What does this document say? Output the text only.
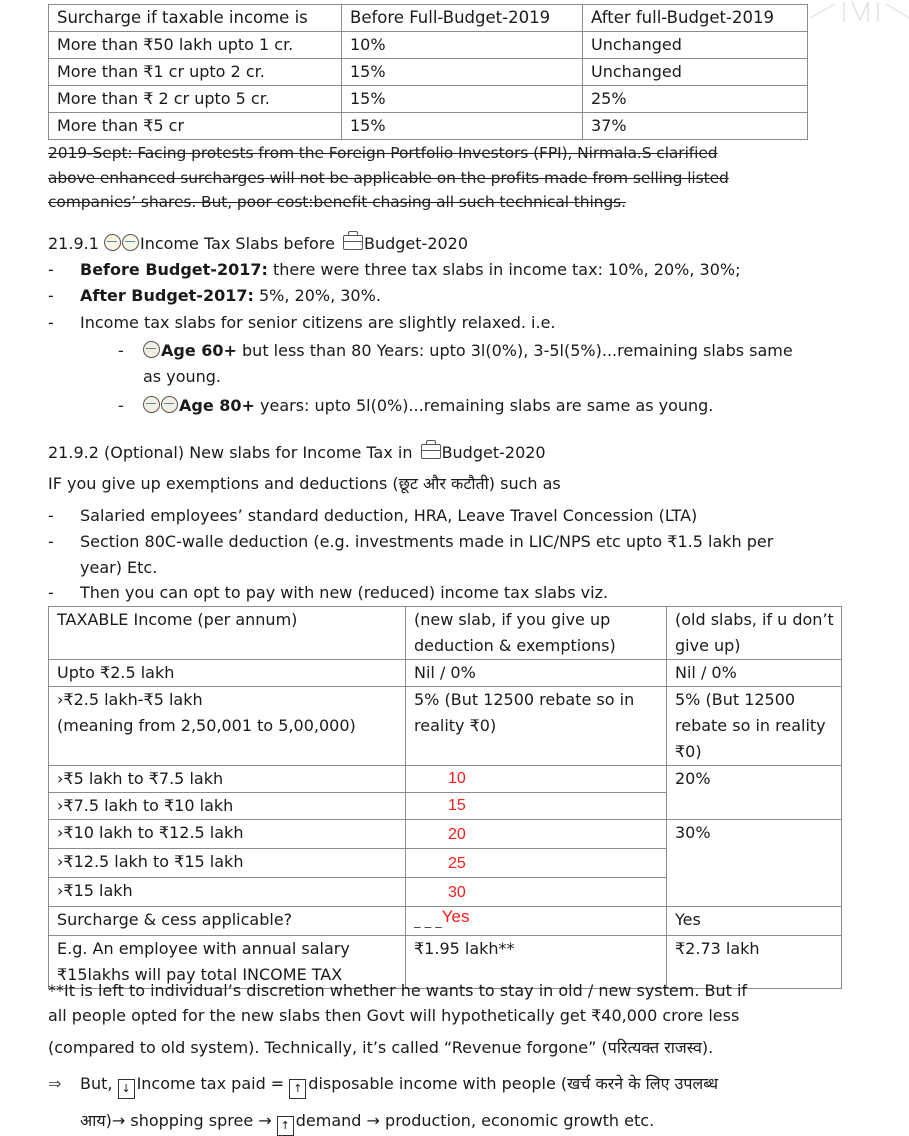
Surcharge if taxable income is	Before Full-Budget-2019	After full-Budget-2019
More than ₹50 lakh upto 1 cr.	10%	Unchanged
More than ₹1 cr upto 2 cr.	15%	Unchanged
More than ₹ 2 cr upto 5 cr.	15%	25%
More than ₹5 cr	15%	37%
2019-Sept: Facing protests from the Foreign Portfolio Investors (FPI), Nirmala.S clarified
above enhanced surcharges will not be applicable on the profits made from selling listed
companies’ shares. But, poor cost:benefit chasing all such technical things.
21.9.1	Income Tax Slabs before Budget-2020
- Before Budget-2017: there were three tax slabs in income tax: 10%, 20%, 30%;
- After Budget-2017: 5%, 20%, 30%.
- Income tax slabs for senior citizens are slightly relaxed. i.e.
-	Age 60+ but less than 80 Years: upto 3l(0%), 3-5l(5%)...remaining slabs same
as young.
-	Age 80+ years: upto 5l(0%)...remaining slabs are same as young.
21.9.2 (Optional) New slabs for Income Tax in Budget-2020
IF you give up exemptions and deductions (छूट और कटौती) such as
- Salaried employees’ standard deduction, HRA, Leave Travel Concession (LTA)
- Section 80C-walle deduction (e.g. investments made in LIC/NPS etc upto ₹1.5 lakh per
year) Etc.
- Then you can opt to pay with new (reduced) income tax slabs viz.
TAXABLE Income (per annum)	(new slab, if you give up deduction & exemptions)	(old slabs, if u don’t give up)
Upto ₹2.5 lakh	Nil / 0%	Nil / 0%

›₹2.5 lakh-₹5 lakh
(meaning from 2,50,001 to 5,00,000)	5% (But 12500 rebate so in reality ₹0)	5% (But 12500 rebate so in reality ₹0)
›₹5 lakh to ₹7.5 lakh	10	20%
›₹7.5 lakh to ₹10 lakh	15	
›₹10 lakh to ₹12.5 lakh	20	30%
›₹12.5 lakh to ₹15 lakh	25	
›₹15 lakh	30	
Surcharge & cess applicable?	_ _ _Yes	Yes
E.g. An employee with annual salary ₹15lakhs will pay total INCOME TAX	₹1.95 lakh**	₹2.73 lakh
**It is left to individual’s discretion whether he wants to stay in old / new system. But if
all people opted for the new slabs then Govt will hypothetically get ₹40,000 crore less
(compared to old system). Technically, it’s called “Revenue forgone” (परित्यक्त राजस्व).
⇒ But, ↓ Income tax paid = ↑ disposable income with people (खर्च करने के लिए उपलब्ध
आय)→ shopping spree → ↑ demand → production, economic growth etc.
